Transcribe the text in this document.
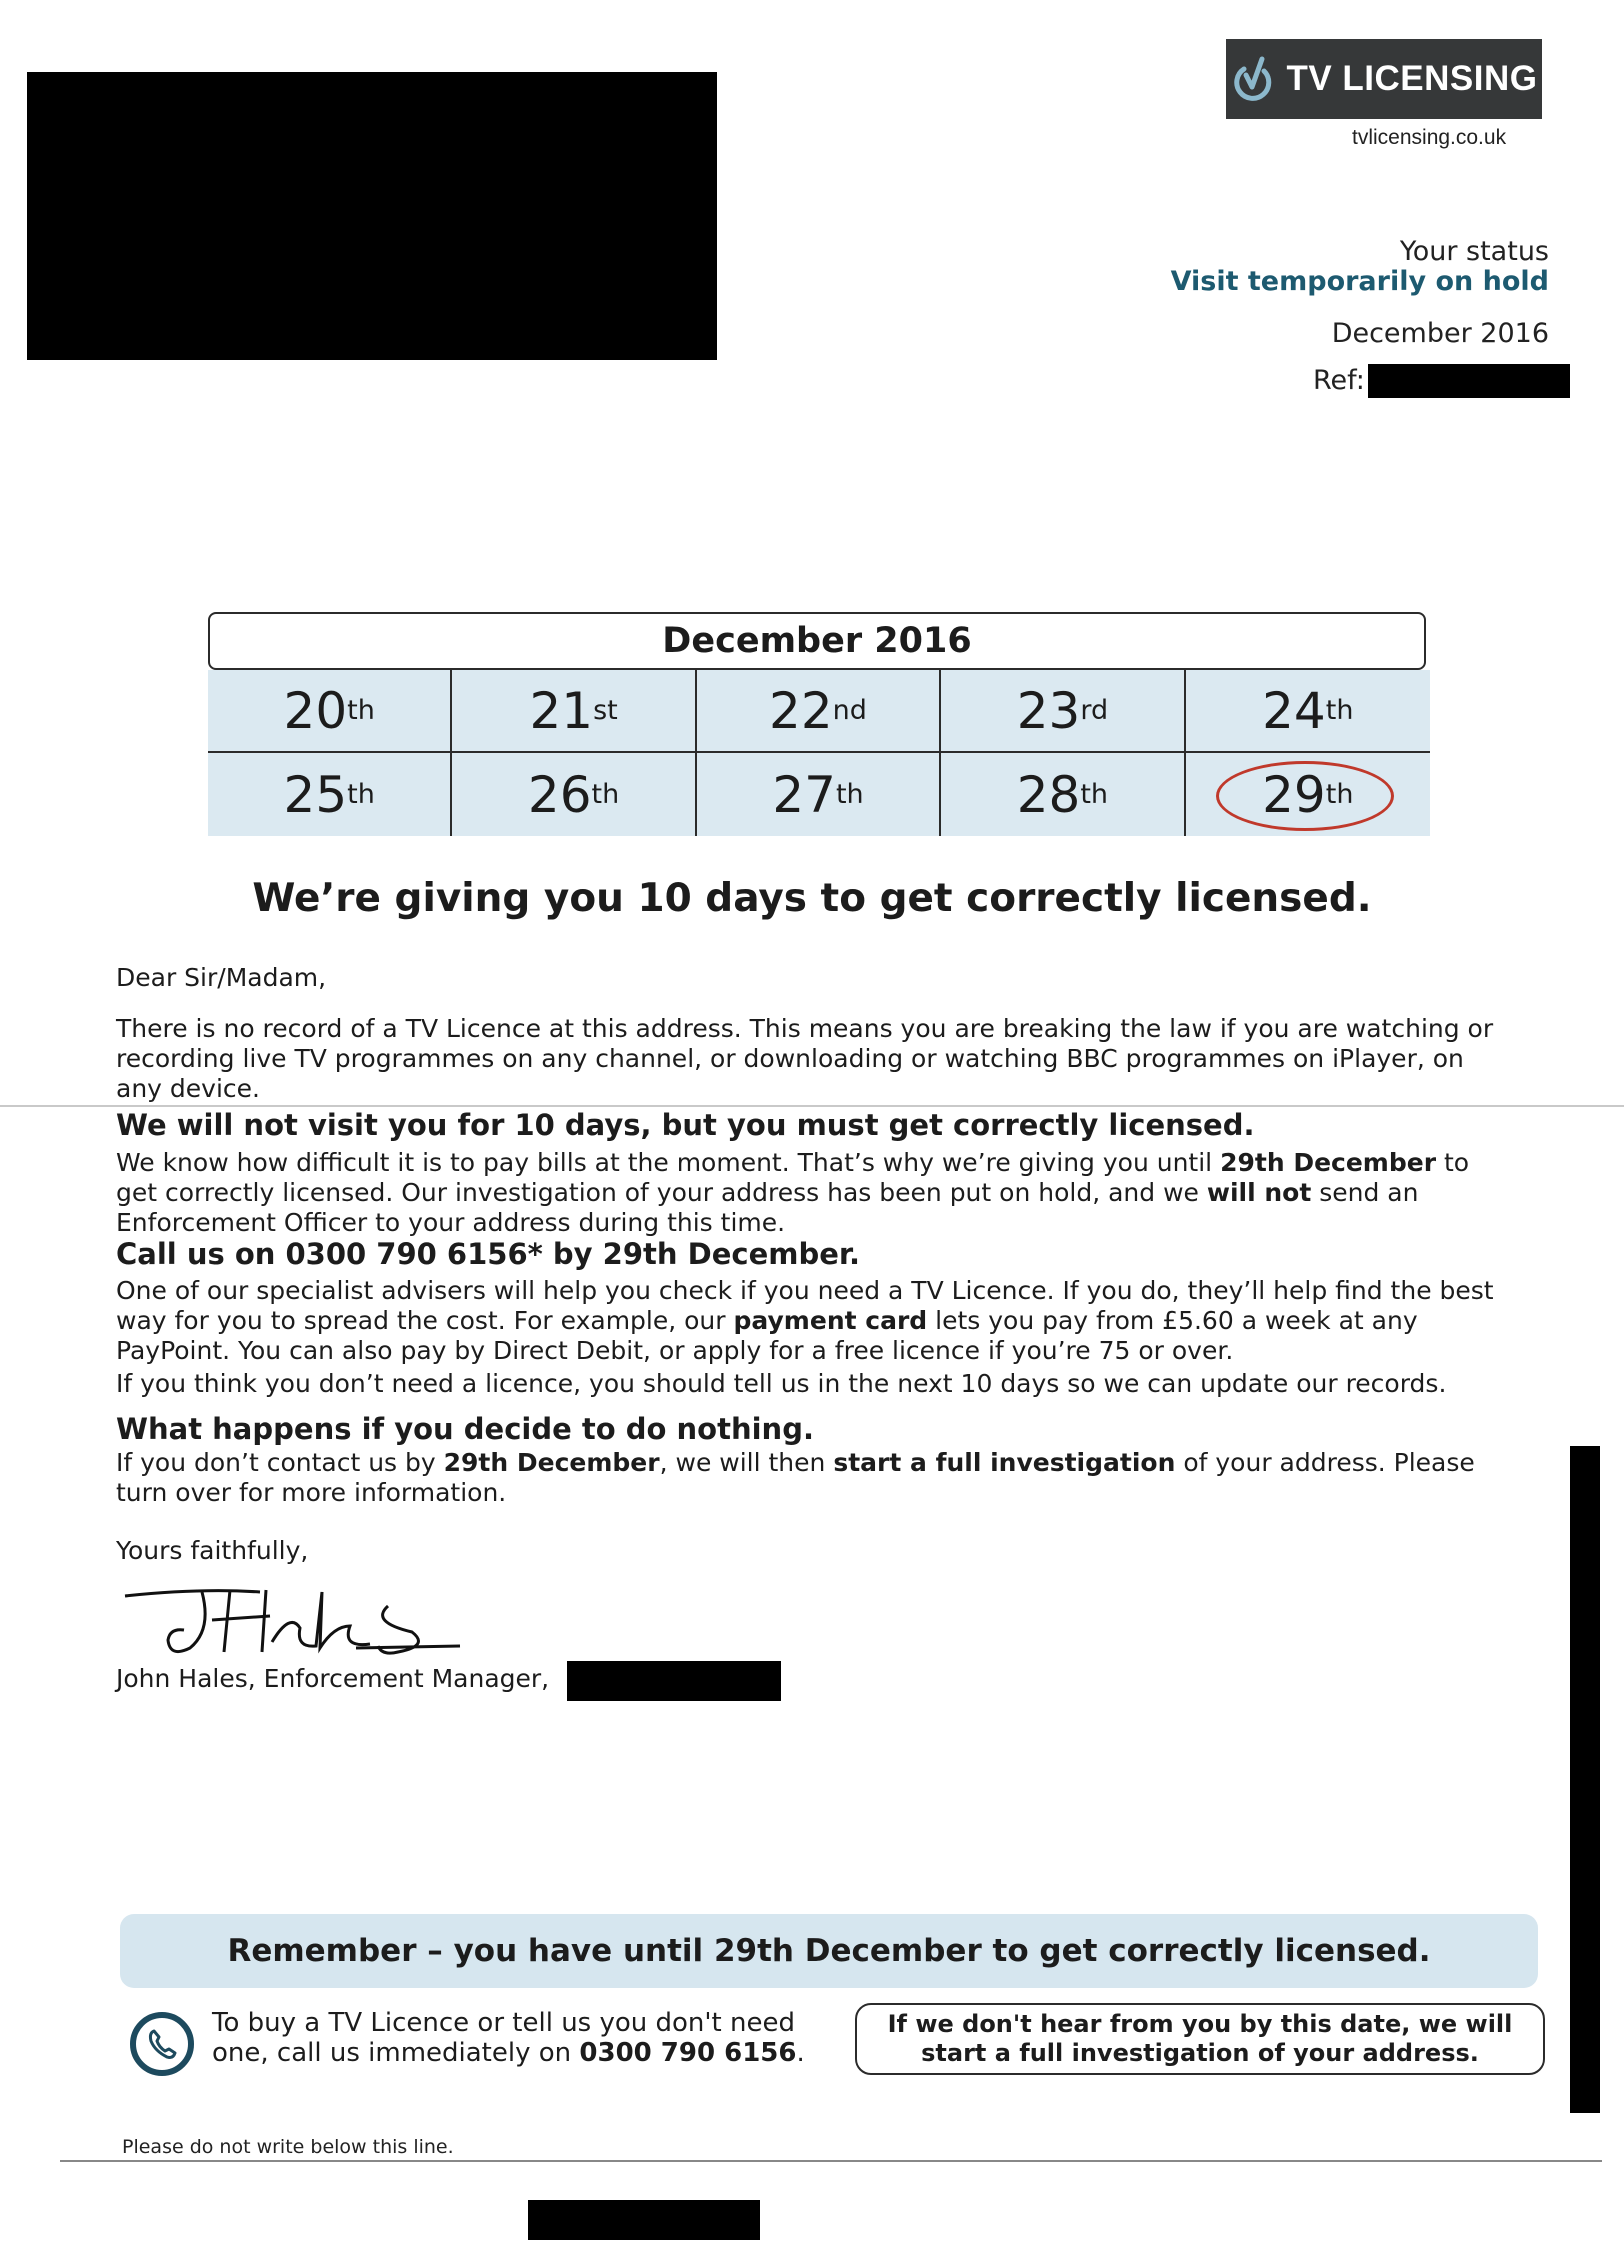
TV LICENSING
tvlicensing.co.uk
Your status
Visit temporarily on hold
December 2016
Ref:
December 2016
20 th	21 st	22 nd	23 rd	24 th
25 th	26 th	27 th	28 th	29 th
We’re giving you 10 days to get correctly licensed.
Dear Sir/Madam,
There is no record of a TV Licence at this address. This means you are breaking the law if you are watching or recording live TV programmes on any channel, or downloading or watching BBC programmes on iPlayer, on any device.
We will not visit you for 10 days, but you must get correctly licensed.
We know how difficult it is to pay bills at the moment. That’s why we’re giving you until 29th December to get correctly licensed. Our investigation of your address has been put on hold, and we will not send an Enforcement Officer to your address during this time.
Call us on 0300 790 6156* by 29th December.
One of our specialist advisers will help you check if you need a TV Licence. If you do, they’ll help find the best way for you to spread the cost. For example, our payment card lets you pay from £5.60 a week at any PayPoint. You can also pay by Direct Debit, or apply for a free licence if you’re 75 or over.
If you think you don’t need a licence, you should tell us in the next 10 days so we can update our records.
What happens if you decide to do nothing.
If you don’t contact us by 29th December, we will then start a full investigation of your address. Please turn over for more information.
Yours faithfully,
John Hales, Enforcement Manager,
Remember – you have until 29th December to get correctly licensed.
To buy a TV Licence or tell us you don't need one, call us immediately on 0300 790 6156.
If we don't hear from you by this date, we will start a full investigation of your address.
Please do not write below this line.
